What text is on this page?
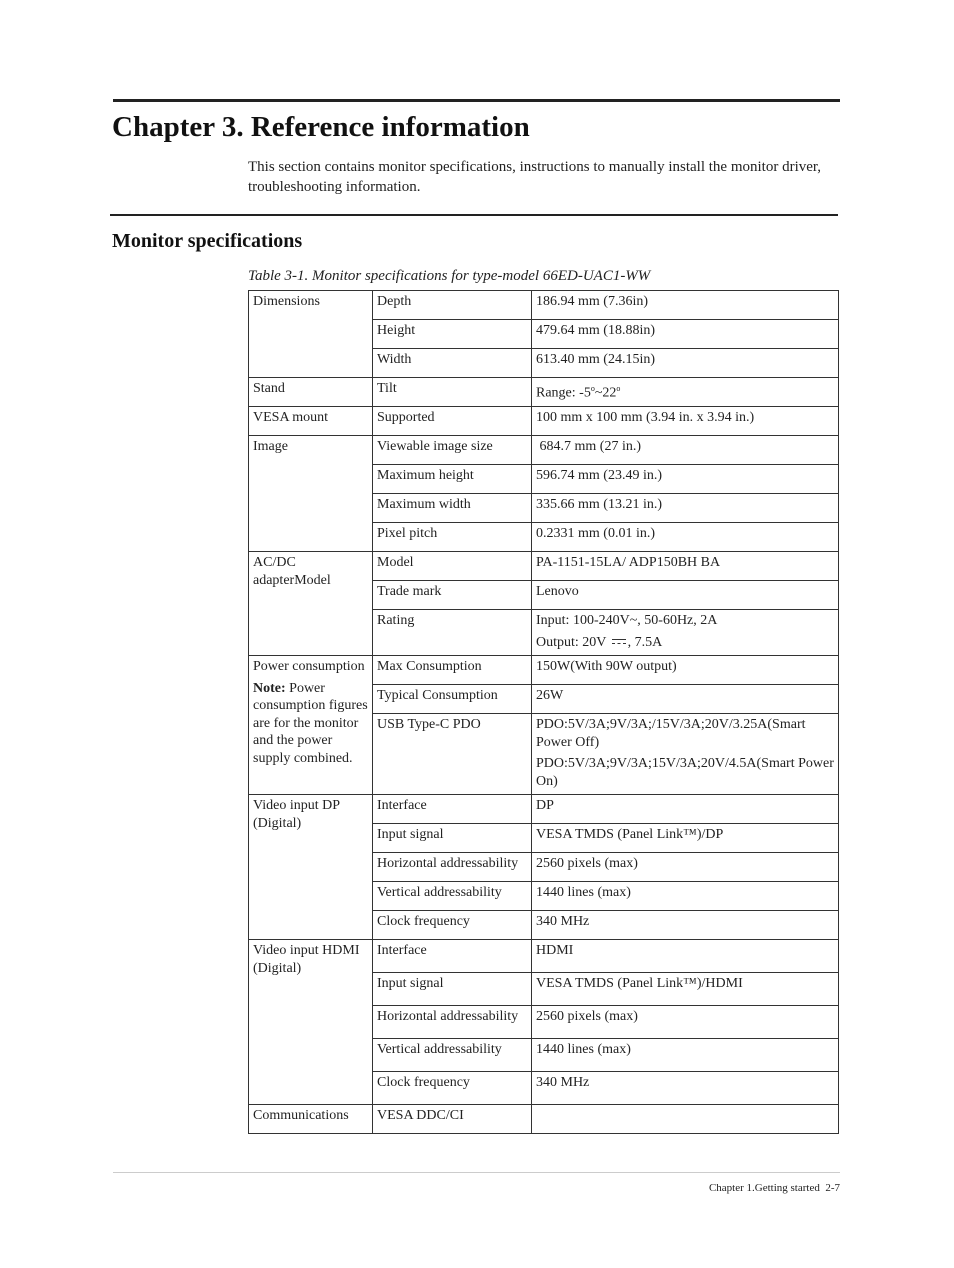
Chapter 3. Reference information

This section contains monitor specifications, instructions to manually install the monitor driver, troubleshooting information.

Monitor specifications

Table 3-1. Monitor specifications for type-model 66ED-UAC1-WW

Dimensions	Depth	186.94 mm (7.36in)
	Height	479.64 mm (18.88in)
	Width	613.40 mm (24.15in)
Stand	Tilt	Range: -5$^o$~22$^o$
VESA mount	Supported	100 mm x 100 mm (3.94 in. x 3.94 in.)
Image	Viewable image size	684.7 mm (27 in.)
	Maximum height	596.74 mm (23.49 in.)
	Maximum width	335.66 mm (13.21 in.)
	Pixel pitch	0.2331 mm (0.01 in.)
AC/DC adapterModel	Model	PA-1151-15LA/ ADP150BH BA
	Trade mark	Lenovo
	Rating	Input: 100-240V~, 50-60Hz, 2A
Output: 20V , 7.5A

Power consumption
Note: Power consumption figures are for the monitor and the power supply combined.	Max Consumption	150W(With 90W output)
	Typical Consumption	26W
	USB Type-C PDO	PDO:5V/3A;9V/3A;/15V/3A;20V/3.25A(Smart Power Off)
PDO:5V/3A;9V/3A;15V/3A;20V/4.5A(Smart Power On)

Video input DP (Digital)	Interface	DP
	Input signal	VESA TMDS (Panel Link™)/DP
	Horizontal addressability	2560 pixels (max)
	Vertical addressability	1440 lines (max)
	Clock frequency	340 MHz
Video input HDMI (Digital)	Interface	HDMI
	Input signal	VESA TMDS (Panel Link™)/HDMI
	Horizontal addressability	2560 pixels (max)
	Vertical addressability	1440 lines (max)
	Clock frequency	340 MHz
Communications	VESA DDC/CI	

Chapter 1.Getting started  2-7
